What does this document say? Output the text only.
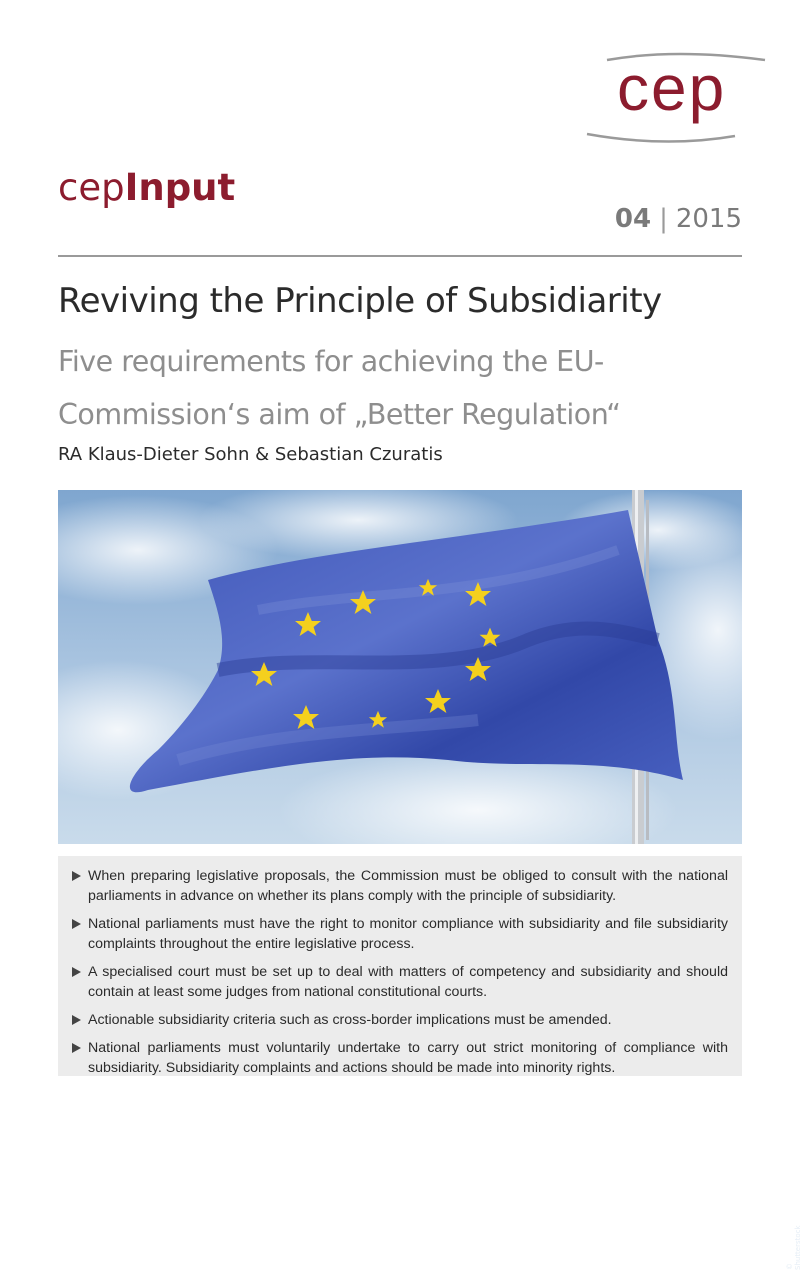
cep
cepInput
04 | 2015
Reviving the Principle of Subsidiarity
Five requirements for achieving the EU-Commission‘s aim of „Better Regulation“
RA Klaus-Dieter Sohn & Sebastian Czuratis
© Shutterstock
When preparing legislative proposals, the Commission must be obliged to consult with the national parliaments in advance on whether its plans comply with the principle of subsidiarity.
National parliaments must have the right to monitor compliance with subsidiarity and file subsidiarity complaints throughout the entire legislative process.
A specialised court must be set up to deal with matters of competency and subsidiarity and should contain at least some judges from national constitutional courts.
Actionable subsidiarity criteria such as cross-border implications must be amended.
National parliaments must voluntarily undertake to carry out strict monitoring of compliance with subsidiarity. Subsidiarity complaints and actions should be made into minority rights.
